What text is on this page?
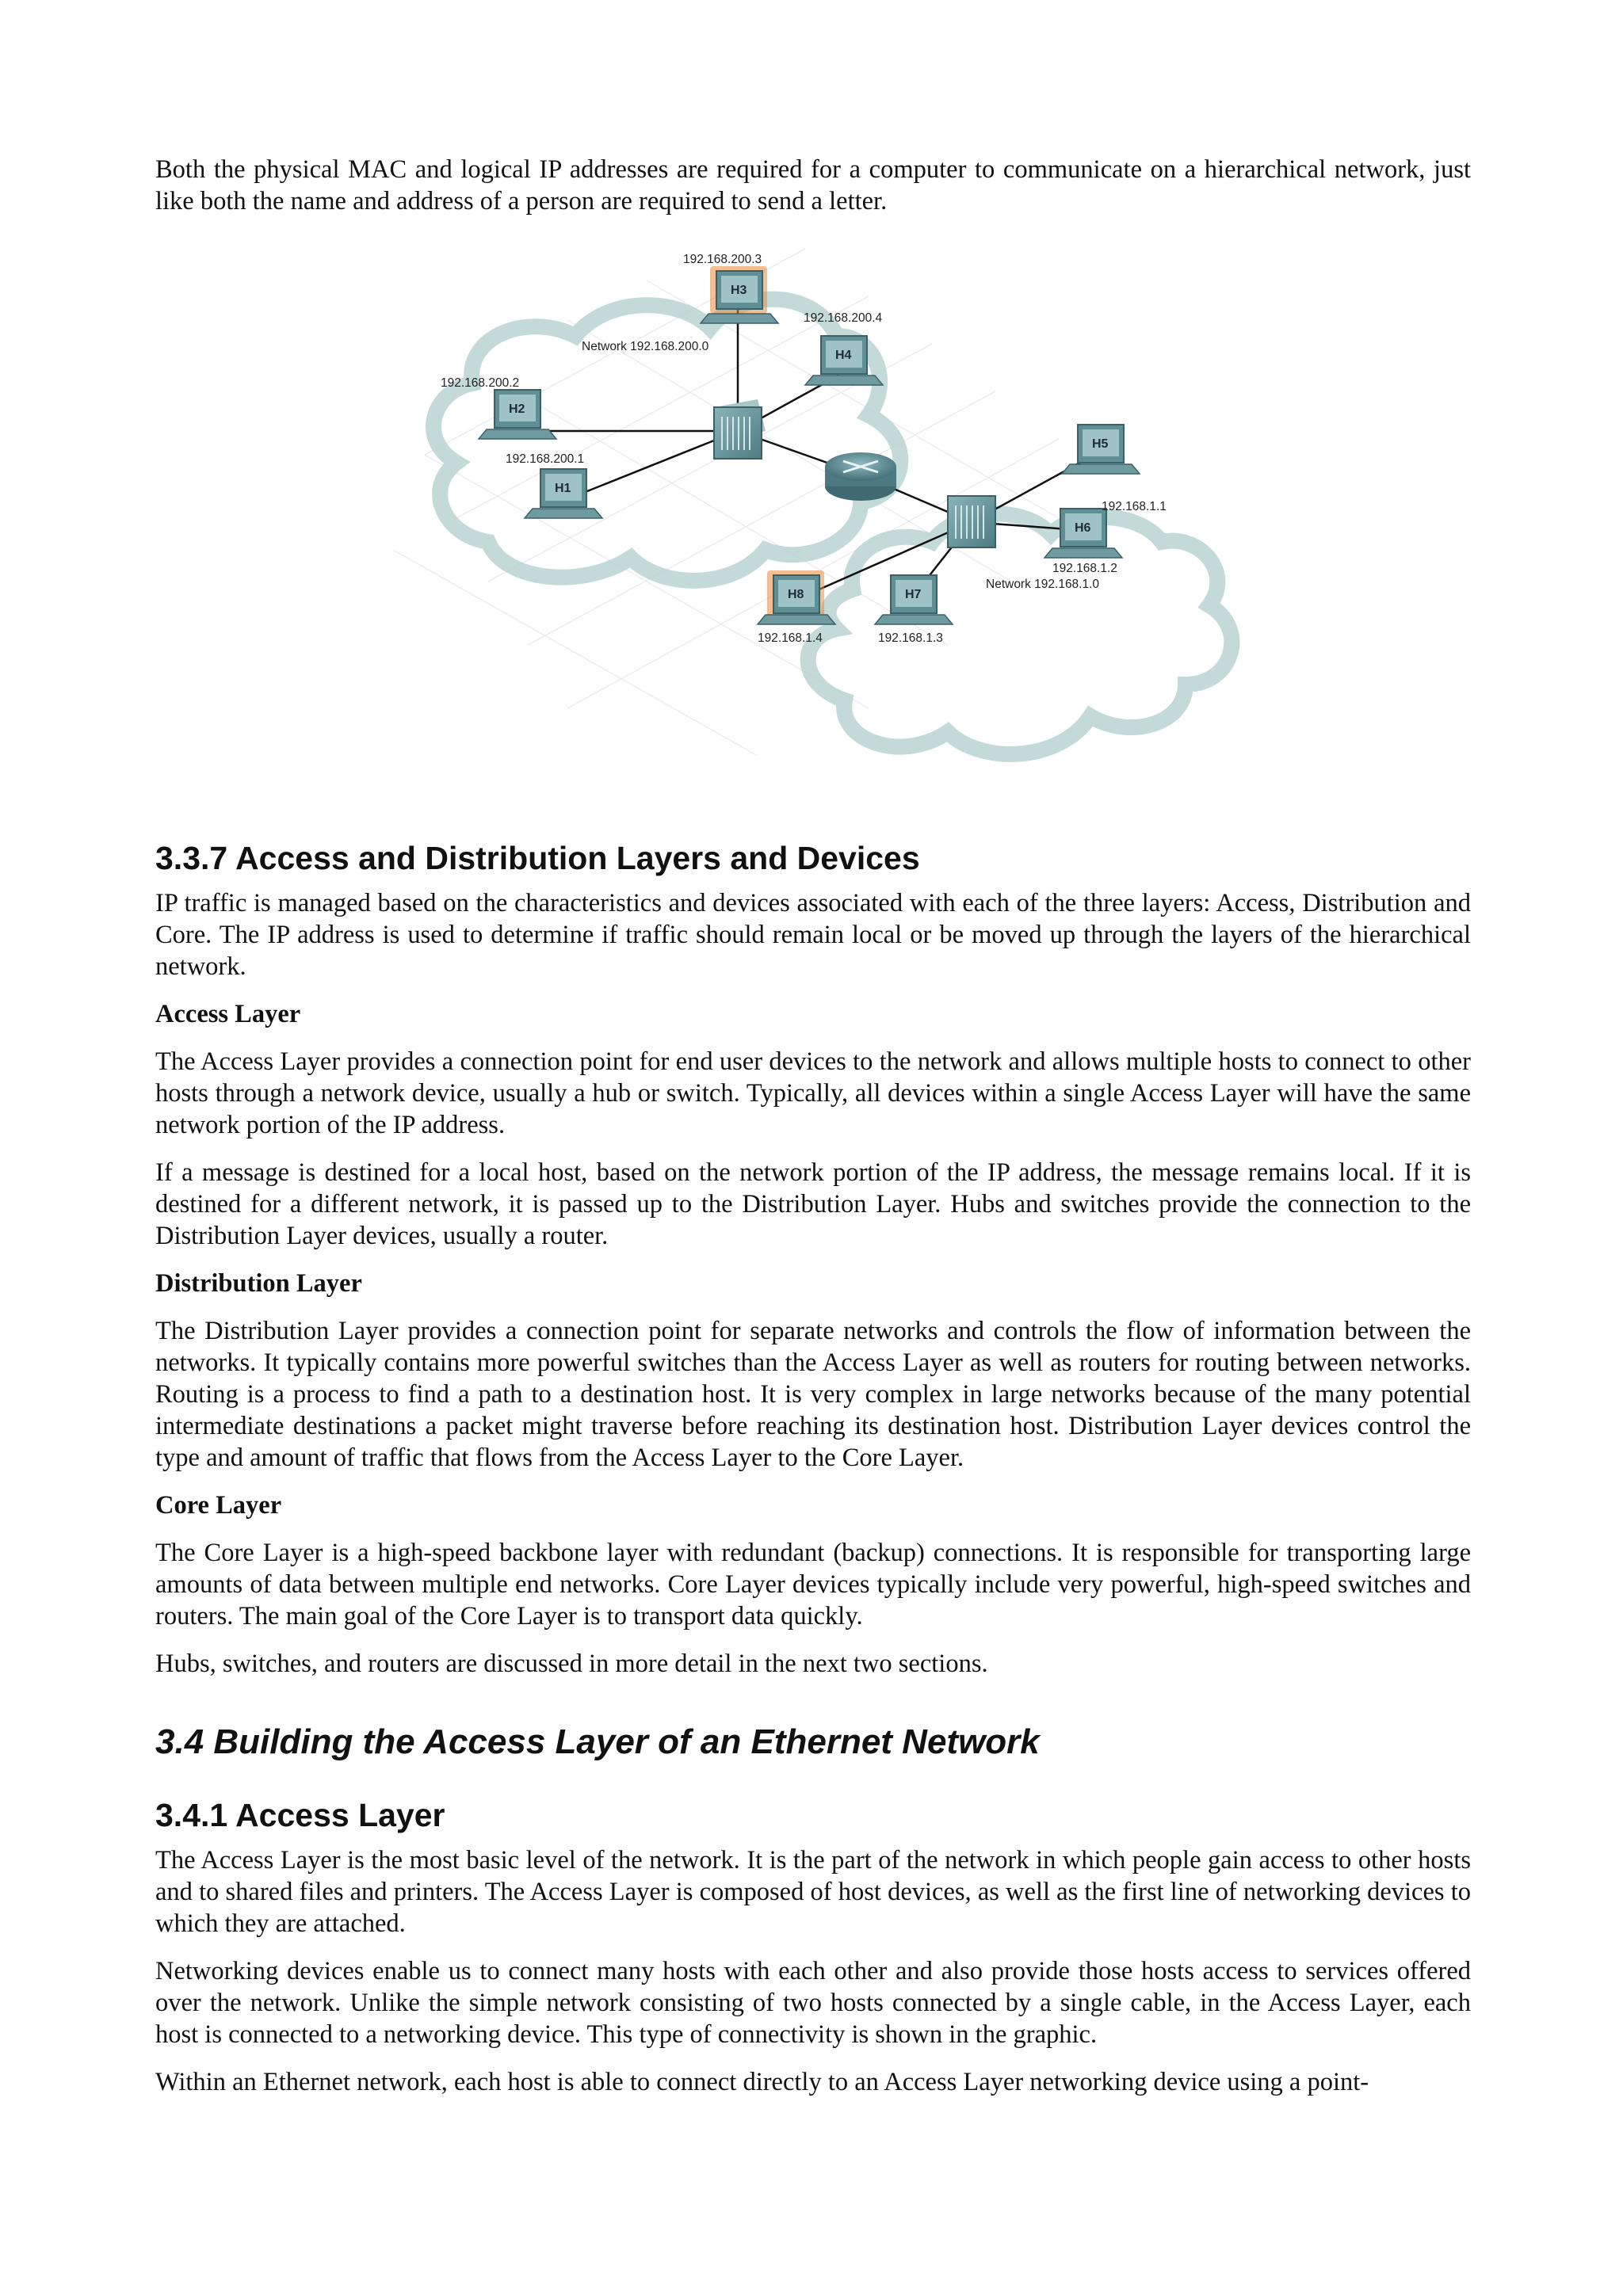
Both the physical MAC and logical IP addresses are required for a computer to communicate on a hierarchical network, just like both the name and address of a person are required to send a letter.

H3
H4
H2
H1
H5
H6
H7
H8
192.168.200.3
192.168.200.4
192.168.200.2
192.168.200.1
192.168.1.1
192.168.1.2
192.168.1.3
192.168.1.4
Network 192.168.200.0
Network 192.168.1.0
3.3.7 Access and Distribution Layers and Devices

IP traffic is managed based on the characteristics and devices associated with each of the three layers: Access, Distribution and Core. The IP address is used to determine if traffic should remain local or be moved up through the layers of the hierarchical network.

Access Layer

The Access Layer provides a connection point for end user devices to the network and allows multiple hosts to connect to other hosts through a network device, usually a hub or switch. Typically, all devices within a single Access Layer will have the same network portion of the IP address.

If a message is destined for a local host, based on the network portion of the IP address, the message remains local. If it is destined for a different network, it is passed up to the Distribution Layer. Hubs and switches provide the connection to the Distribution Layer devices, usually a router.

Distribution Layer

The Distribution Layer provides a connection point for separate networks and controls the flow of information between the networks. It typically contains more powerful switches than the Access Layer as well as routers for routing between networks. Routing is a process to find a path to a destination host. It is very complex in large networks because of the many potential intermediate destinations a packet might traverse before reaching its destination host. Distribution Layer devices control the type and amount of traffic that flows from the Access Layer to the Core Layer.

Core Layer

The Core Layer is a high-speed backbone layer with redundant (backup) connections. It is responsible for transporting large amounts of data between multiple end networks. Core Layer devices typically include very powerful, high-speed switches and routers. The main goal of the Core Layer is to transport data quickly.

Hubs, switches, and routers are discussed in more detail in the next two sections.

3.4 Building the Access Layer of an Ethernet Network
3.4.1 Access Layer

The Access Layer is the most basic level of the network. It is the part of the network in which people gain access to other hosts and to shared files and printers. The Access Layer is composed of host devices, as well as the first line of networking devices to which they are attached.

Networking devices enable us to connect many hosts with each other and also provide those hosts access to services offered over the network. Unlike the simple network consisting of two hosts connected by a single cable, in the Access Layer, each host is connected to a networking device. This type of connectivity is shown in the graphic.

Within an Ethernet network, each host is able to connect directly to an Access Layer networking device using a point-
